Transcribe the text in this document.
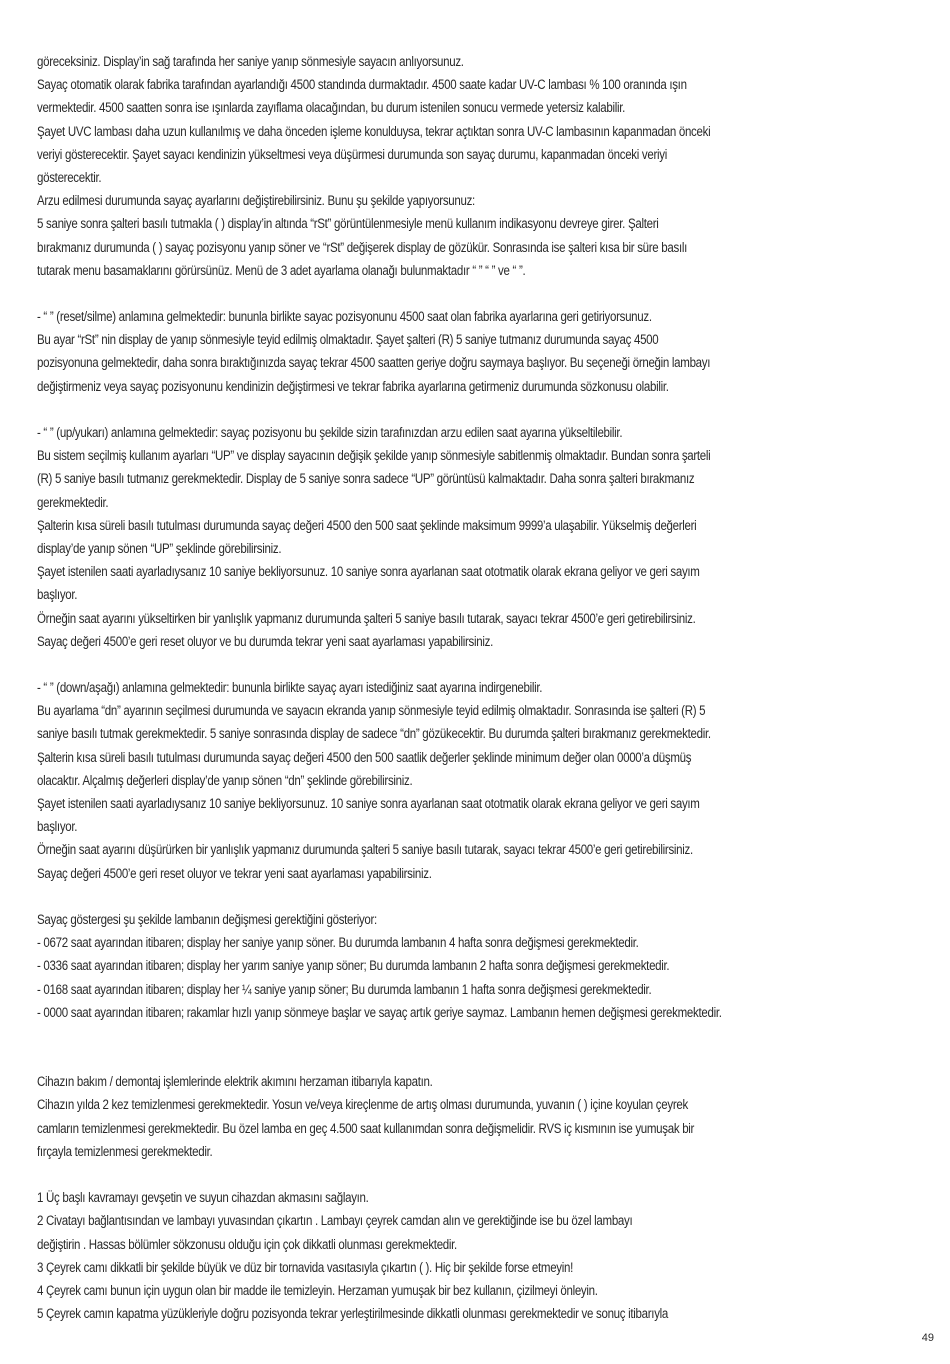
göreceksiniz. Display’in sağ tarafında her saniye yanıp sönmesiyle sayacın anlıyorsunuz.
Sayaç otomatik olarak fabrika tarafından ayarlandığı 4500 standında durmaktadır. 4500 saate kadar UV-C lambası % 100 oranında ışın
vermektedir. 4500 saatten sonra ise ışınlarda zayıflama olacağından, bu durum istenilen sonucu vermede yetersiz kalabilir.
Şayet UVC lambası daha uzun kullanılmış ve daha önceden işleme konulduysa, tekrar açtıktan sonra UV-C lambasının kapanmadan önceki
veriyi gösterecektir. Şayet sayacı kendinizin yükseltmesi veya düşürmesi durumunda son sayaç durumu, kapanmadan önceki veriyi
gösterecektir.
Arzu edilmesi durumunda sayaç ayarlarını değiştirebilirsiniz. Bunu şu şekilde yapıyorsunuz:
5 saniye sonra şalteri basılı tutmakla ( ) display’in altında “rSt” görüntülenmesiyle menü kullanım indikasyonu devreye girer. Şalteri
bırakmanız durumunda ( ) sayaç pozisyonu yanıp söner ve “rSt” değişerek display de gözükür. Sonrasında ise şalteri kısa bir süre basılı
tutarak menu basamaklarını görürsünüz. Menü de 3 adet ayarlama olanağı bulunmaktadır “ ” “ ” ve “ ”.
- “ ” (reset/silme) anlamına gelmektedir: bununla birlikte sayac pozisyonunu 4500 saat olan fabrika ayarlarına geri getiriyorsunuz.
Bu ayar “rSt” nin display de yanıp sönmesiyle teyid edilmiş olmaktadır. Şayet şalteri (R) 5 saniye tutmanız durumunda sayaç 4500
pozisyonuna gelmektedir, daha sonra bıraktığınızda sayaç tekrar 4500 saatten geriye doğru saymaya başlıyor. Bu seçeneği örneğin lambayı
değiştirmeniz veya sayaç pozisyonunu kendinizin değiştirmesi ve tekrar fabrika ayarlarına getirmeniz durumunda sözkonusu olabilir.
- “ ” (up/yukarı) anlamına gelmektedir: sayaç pozisyonu bu şekilde sizin tarafınızdan arzu edilen saat ayarına yükseltilebilir.
Bu sistem seçilmiş kullanım ayarları “UP” ve display sayacının değişik şekilde yanıp sönmesiyle sabitlenmiş olmaktadır. Bundan sonra şarteli
(R) 5 saniye basılı tutmanız gerekmektedir. Display de 5 saniye sonra sadece “UP” görüntüsü kalmaktadır. Daha sonra şalteri bırakmanız
gerekmektedir.
Şalterin kısa süreli basılı tutulması durumunda sayaç değeri 4500 den 500 saat şeklinde maksimum 9999’a ulaşabilir. Yükselmiş değerleri
display’de yanıp sönen “UP” şeklinde görebilirsiniz.
Şayet istenilen saati ayarladıysanız 10 saniye bekliyorsunuz. 10 saniye sonra ayarlanan saat ototmatik olarak ekrana geliyor ve geri sayım
başlıyor.
Örneğin saat ayarını yükseltirken bir yanlışlık yapmanız durumunda şalteri 5 saniye basılı tutarak, sayacı tekrar 4500’e geri getirebilirsiniz.
Sayaç değeri 4500’e geri reset oluyor ve bu durumda tekrar yeni saat ayarlaması yapabilirsiniz.
- “ ” (down/aşağı) anlamına gelmektedir: bununla birlikte sayaç ayarı istediğiniz saat ayarına indirgenebilir.
Bu ayarlama “dn” ayarının seçilmesi durumunda ve sayacın ekranda yanıp sönmesiyle teyid edilmiş olmaktadır. Sonrasında ise şalteri (R) 5
saniye basılı tutmak gerekmektedir. 5 saniye sonrasında display de sadece “dn” gözükecektir. Bu durumda şalteri bırakmanız gerekmektedir.
Şalterin kısa süreli basılı tutulması durumunda sayaç değeri 4500 den 500 saatlik değerler şeklinde minimum değer olan 0000’a düşmüş
olacaktır. Alçalmış değerleri display’de yanıp sönen “dn” şeklinde görebilirsiniz.
Şayet istenilen saati ayarladıysanız 10 saniye bekliyorsunuz. 10 saniye sonra ayarlanan saat ototmatik olarak ekrana geliyor ve geri sayım
başlıyor.
Örneğin saat ayarını düşürürken bir yanlışlık yapmanız durumunda şalteri 5 saniye basılı tutarak, sayacı tekrar 4500’e geri getirebilirsiniz.
Sayaç değeri 4500’e geri reset oluyor ve tekrar yeni saat ayarlaması yapabilirsiniz.
Sayaç göstergesi şu şekilde lambanın değişmesi gerektiğini gösteriyor:
- 0672 saat ayarından itibaren; display her saniye yanıp söner. Bu durumda lambanın 4 hafta sonra değişmesi gerekmektedir.
- 0336 saat ayarından itibaren; display her yarım saniye yanıp söner; Bu durumda lambanın 2 hafta sonra değişmesi gerekmektedir.
- 0168 saat ayarından itibaren; display her ¼ saniye yanıp söner; Bu durumda lambanın 1 hafta sonra değişmesi gerekmektedir.
- 0000 saat ayarından itibaren; rakamlar hızlı yanıp sönmeye başlar ve sayaç artık geriye saymaz. Lambanın hemen değişmesi gerekmektedir.
Cihazın bakım / demontaj işlemlerinde elektrik akımını herzaman itibarıyla kapatın.
Cihazın yılda 2 kez temizlenmesi gerekmektedir. Yosun ve/veya kireçlenme de artış olması durumunda, yuvanın ( ) içine koyulan çeyrek
camların temizlenmesi gerekmektedir. Bu özel lamba en geç 4.500 saat kullanımdan sonra değişmelidir. RVS iç kısmının ise yumuşak bir
fırçayla temizlenmesi gerekmektedir.
1 Üç başlı kavramayı gevşetin ve suyun cihazdan akmasını sağlayın.
2 Civatayı bağlantısından ve lambayı yuvasından çıkartın . Lambayı çeyrek camdan alın ve gerektiğinde ise bu özel lambayı
değiştirin . Hassas bölümler sökzonusu olduğu için çok dikkatli olunması gerekmektedir.
3 Çeyrek camı dikkatli bir şekilde büyük ve düz bir tornavida vasıtasıyla çıkartın ( ). Hiç bir şekilde forse etmeyin!
4 Çeyrek camı bunun için uygun olan bir madde ile temizleyin. Herzaman yumuşak bir bez kullanın, çizilmeyi önleyin.
5 Çeyrek camın kapatma yüzükleriyle doğru pozisyonda tekrar yerleştirilmesinde dikkatli olunması gerekmektedir ve sonuç itibarıyla
49
